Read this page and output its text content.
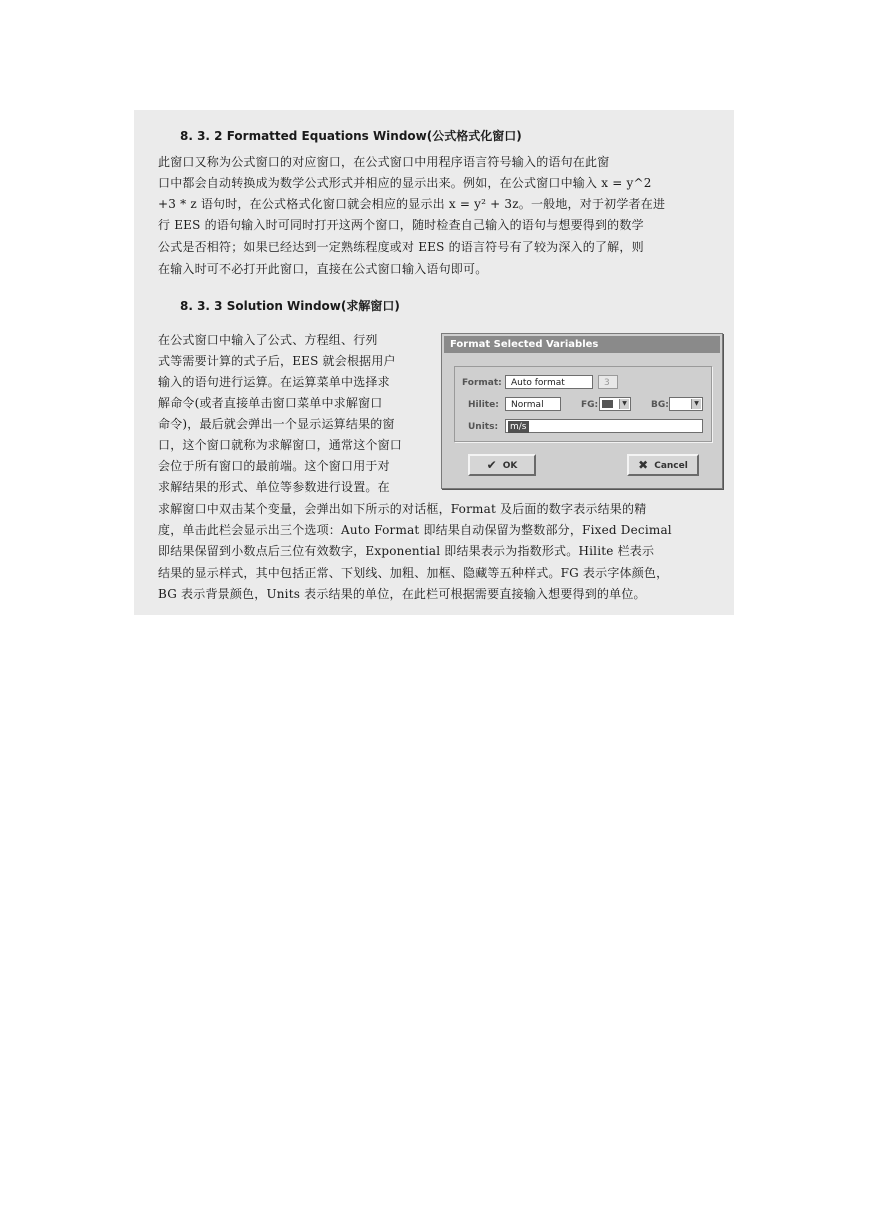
8. 3. 2 Formatted Equations Window(公式格式化窗口)
此窗口又称为公式窗口的对应窗口，在公式窗口中用程序语言符号输入的语句在此窗
口中都会自动转换成为数学公式形式并相应的显示出来。例如，在公式窗口中输入 x = y^2
+3 * z 语句时，在公式格式化窗口就会相应的显示出 x = y² + 3z。一般地，对于初学者在进
行 EES 的语句输入时可同时打开这两个窗口，随时检查自己输入的语句与想要得到的数学
公式是否相符；如果已经达到一定熟练程度或对 EES 的语言符号有了较为深入的了解，则
在输入时可不必打开此窗口，直接在公式窗口输入语句即可。
8. 3. 3 Solution Window(求解窗口)
在公式窗口中输入了公式、方程组、行列
式等需要计算的式子后，EES 就会根据用户
输入的语句进行运算。在运算菜单中选择求
解命令(或者直接单击窗口菜单中求解窗口
命令)，最后就会弹出一个显示运算结果的窗
口，这个窗口就称为求解窗口，通常这个窗口
会位于所有窗口的最前端。这个窗口用于对
求解结果的形式、单位等参数进行设置。在
求解窗口中双击某个变量，会弹出如下所示的对话框，Format 及后面的数字表示结果的精
度，单击此栏会显示出三个选项：Auto Format 即结果自动保留为整数部分，Fixed Decimal
即结果保留到小数点后三位有效数字，Exponential 即结果表示为指数形式。Hilite 栏表示
结果的显示样式，其中包括正常、下划线、加粗、加框、隐藏等五种样式。FG 表示字体颜色，
BG 表示背景颜色，Units 表示结果的单位，在此栏可根据需要直接输入想要得到的单位。
Format Selected Variables
Format:	Auto format	3
Hilite:	Normal	FG:	▼	BG:	▼
Units:	m/s
✔ OK	✖ Cancel
